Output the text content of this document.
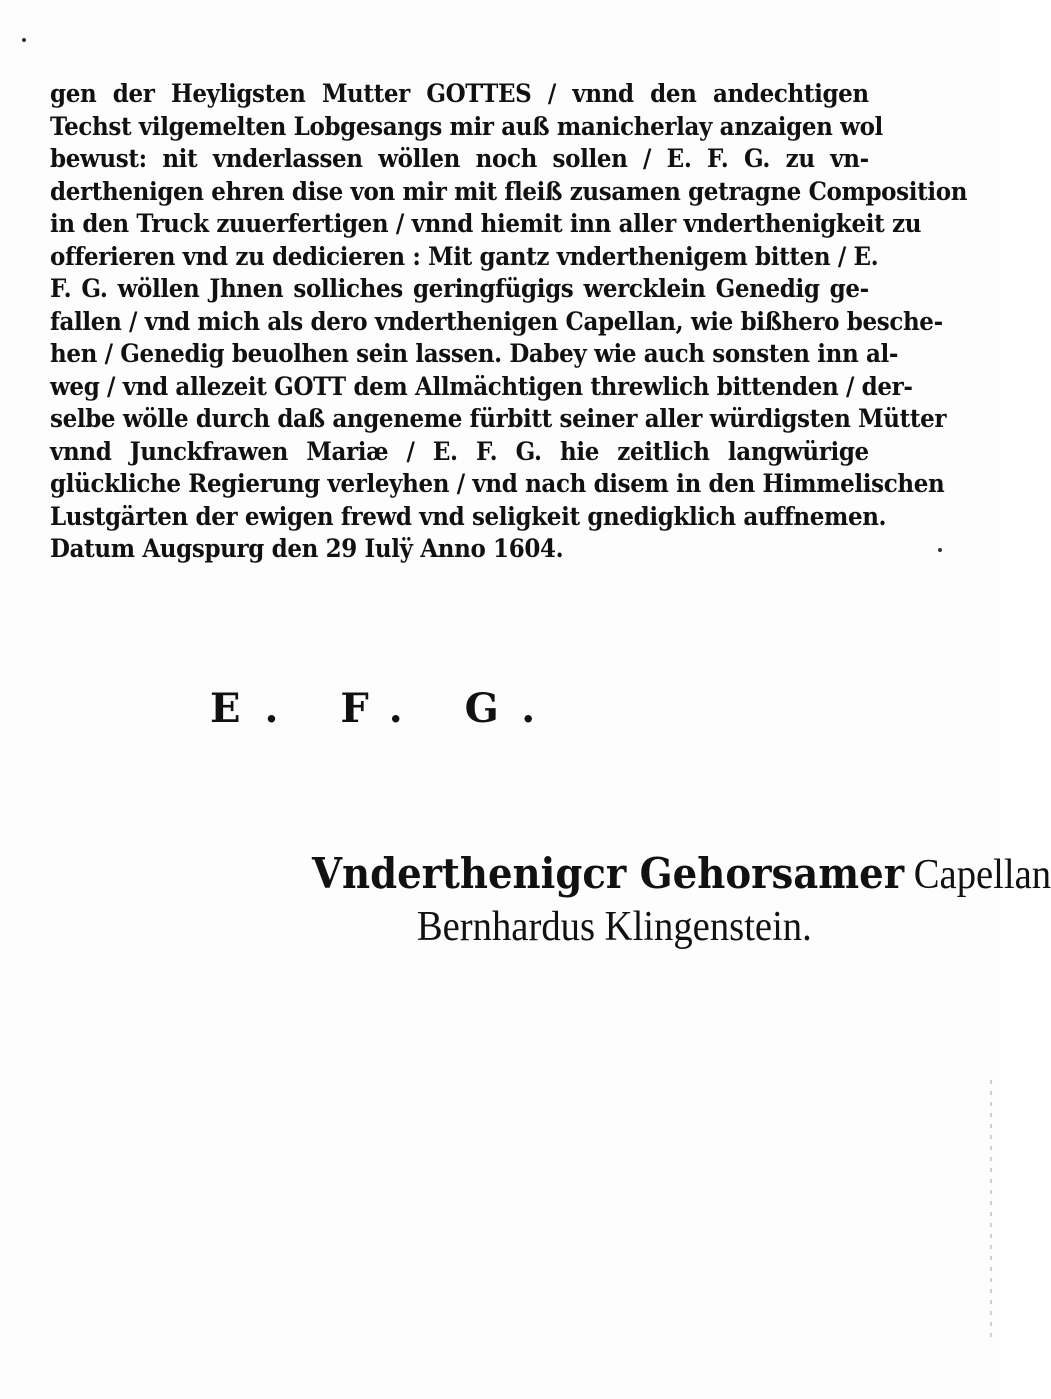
gen der Heyligsten Mutter GOTTES / vnnd den andechtigen
Techst vilgemelten Lobgesangs mir auß manicherlay anzaigen wol
bewust: nit vnderlassen wöllen noch sollen / E. F. G. zu vn-
derthenigen ehren dise von mir mit fleiß zusamen getragne Composition
in den Truck zuuerfertigen / vnnd hiemit inn aller vnderthenigkeit zu
offerieren vnd zu dedicieren : Mit gantz vnderthenigem bitten / E.
F. G. wöllen Jhnen solliches geringfügigs wercklein Genedig ge-
fallen / vnd mich als dero vnderthenigen Capellan, wie bißhero besche-
hen / Genedig beuolhen sein lassen. Dabey wie auch sonsten inn al-
weg / vnd allezeit GOTT dem Allmächtigen threwlich bittenden / der-
selbe wölle durch daß angeneme fürbitt seiner aller würdigsten Mütter
vnnd Junckfrawen Mariæ / E. F. G. hie zeitlich langwürige
glückliche Regierung verleyhen / vnd nach disem in den Himmelischen
Lustgärten der ewigen frewd vnd seligkeit gnedigklich auffnemen.
Datum Augspurg den 29 Iulÿ Anno 1604.
E. F. G.
Vnderthenigcr Gehorsamer Capellan
Bernhardus Klingenstein.
